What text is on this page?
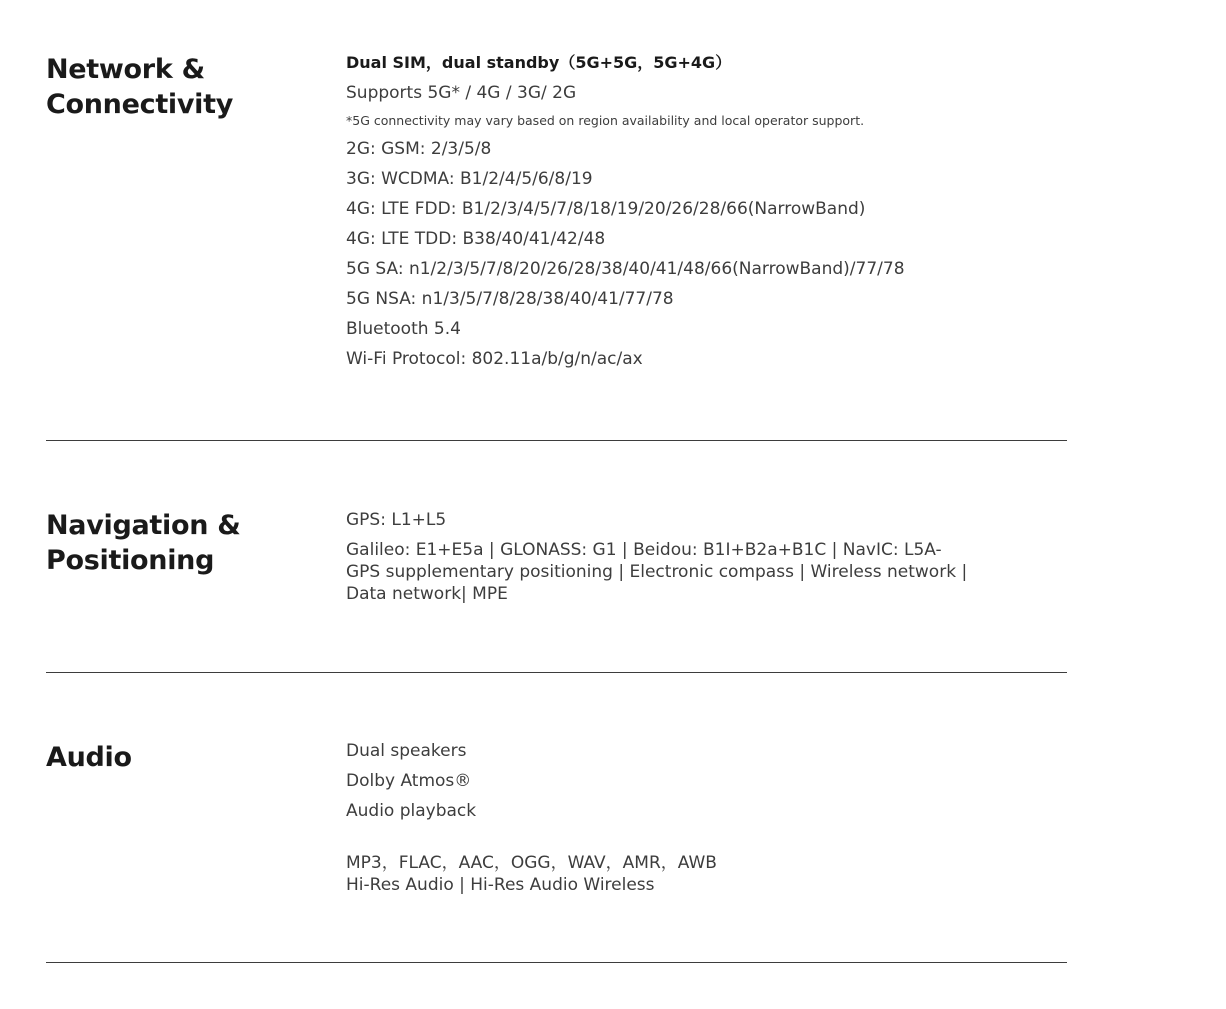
Network & Connectivity

Dual SIM，dual standby（5G+5G，5G+4G）

Supports 5G* / 4G / 3G/ 2G

*5G connectivity may vary based on region availability and local operator support.

2G: GSM: 2/3/5/8

3G: WCDMA: B1/2/4/5/6/8/19

4G: LTE FDD: B1/2/3/4/5/7/8/18/19/20/26/28/66(NarrowBand)

4G: LTE TDD: B38/40/41/42/48

5G SA: n1/2/3/5/7/8/20/26/28/38/40/41/48/66(NarrowBand)/77/78

5G NSA: n1/3/5/7/8/28/38/40/41/77/78

Bluetooth 5.4

Wi-Fi Protocol: 802.11a/b/g/n/ac/ax

Navigation & Positioning

GPS: L1+L5

Galileo: E1+E5a | GLONASS: G1 | Beidou: B1I+B2a+B1C | NavIC: L5A-GPS supplementary positioning | Electronic compass | Wireless network | Data network| MPE

Audio	Dual speakers

Dolby Atmos®

Audio playback

MP3，FLAC，AAC，OGG，WAV，AMR，AWB

Hi-Res Audio | Hi-Res Audio Wireless
